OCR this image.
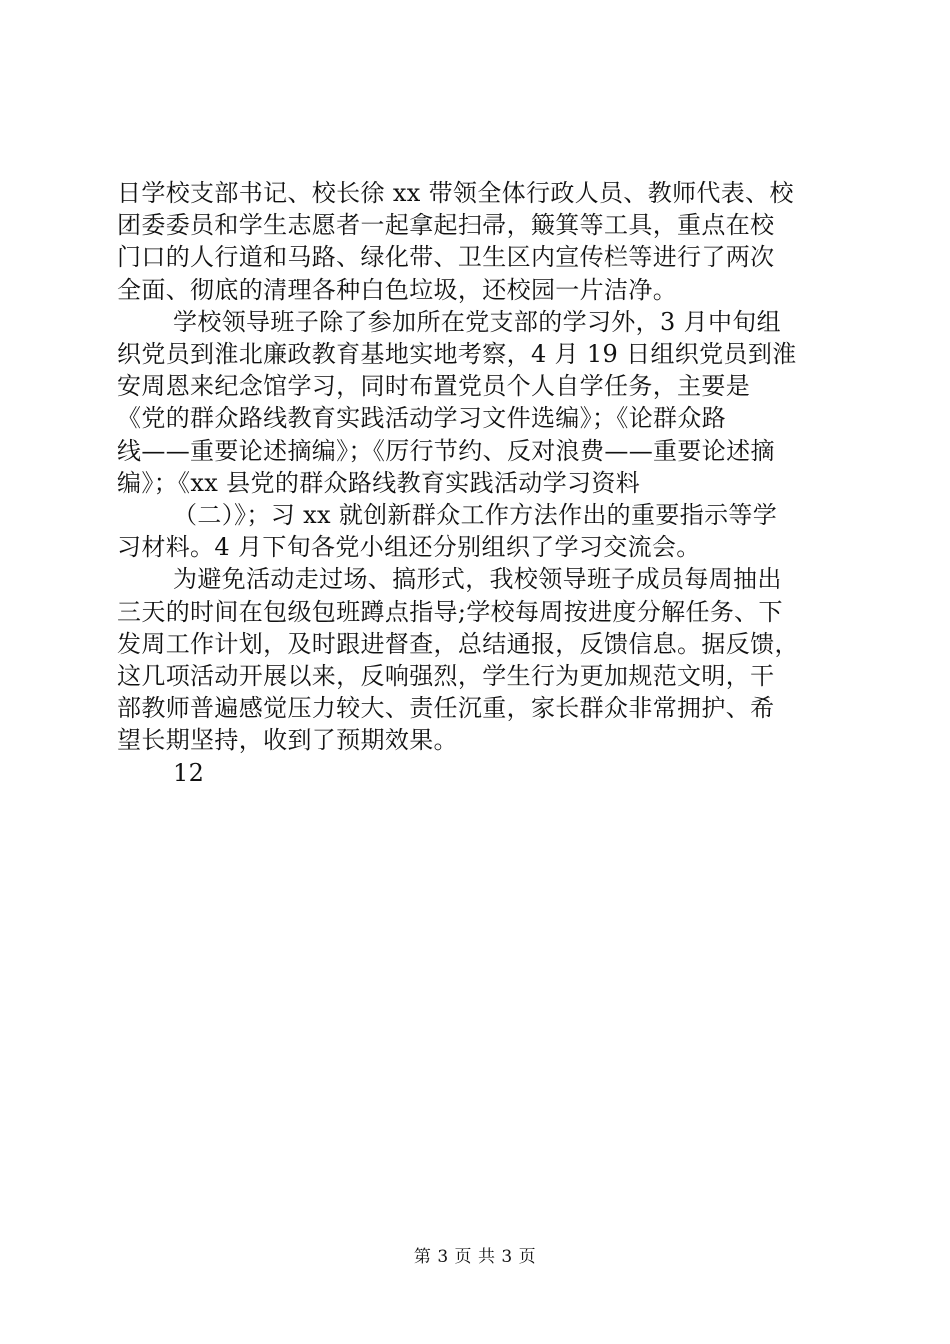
日学校支部书记、校长徐 xx 带领全体行政人员、教师代表、校
团委委员和学生志愿者一起拿起扫帚，簸箕等工具，重点在校
门口的人行道和马路、绿化带、卫生区内宣传栏等进行了两次
全面、彻底的清理各种白色垃圾，还校园一片洁净。
学校领导班子除了参加所在党支部的学习外，3 月中旬组
织党员到淮北廉政教育基地实地考察，4 月 19 日组织党员到淮
安周恩来纪念馆学习，同时布置党员个人自学任务，主要是
《党的群众路线教育实践活动学习文件选编》；《论群众路
线——重要论述摘编》；《厉行节约、反对浪费——重要论述摘
编》；《xx 县党的群众路线教育实践活动学习资料
（二）》；习 xx 就创新群众工作方法作出的重要指示等学
习材料。4 月下旬各党小组还分别组织了学习交流会。
为避免活动走过场、搞形式，我校领导班子成员每周抽出
三天的时间在包级包班蹲点指导;学校每周按进度分解任务、下
发周工作计划，及时跟进督查，总结通报，反馈信息。据反馈，
这几项活动开展以来，反响强烈，学生行为更加规范文明，干
部教师普遍感觉压力较大、责任沉重，家长群众非常拥护、希
望长期坚持，收到了预期效果。
12
第 3 页 共 3 页
